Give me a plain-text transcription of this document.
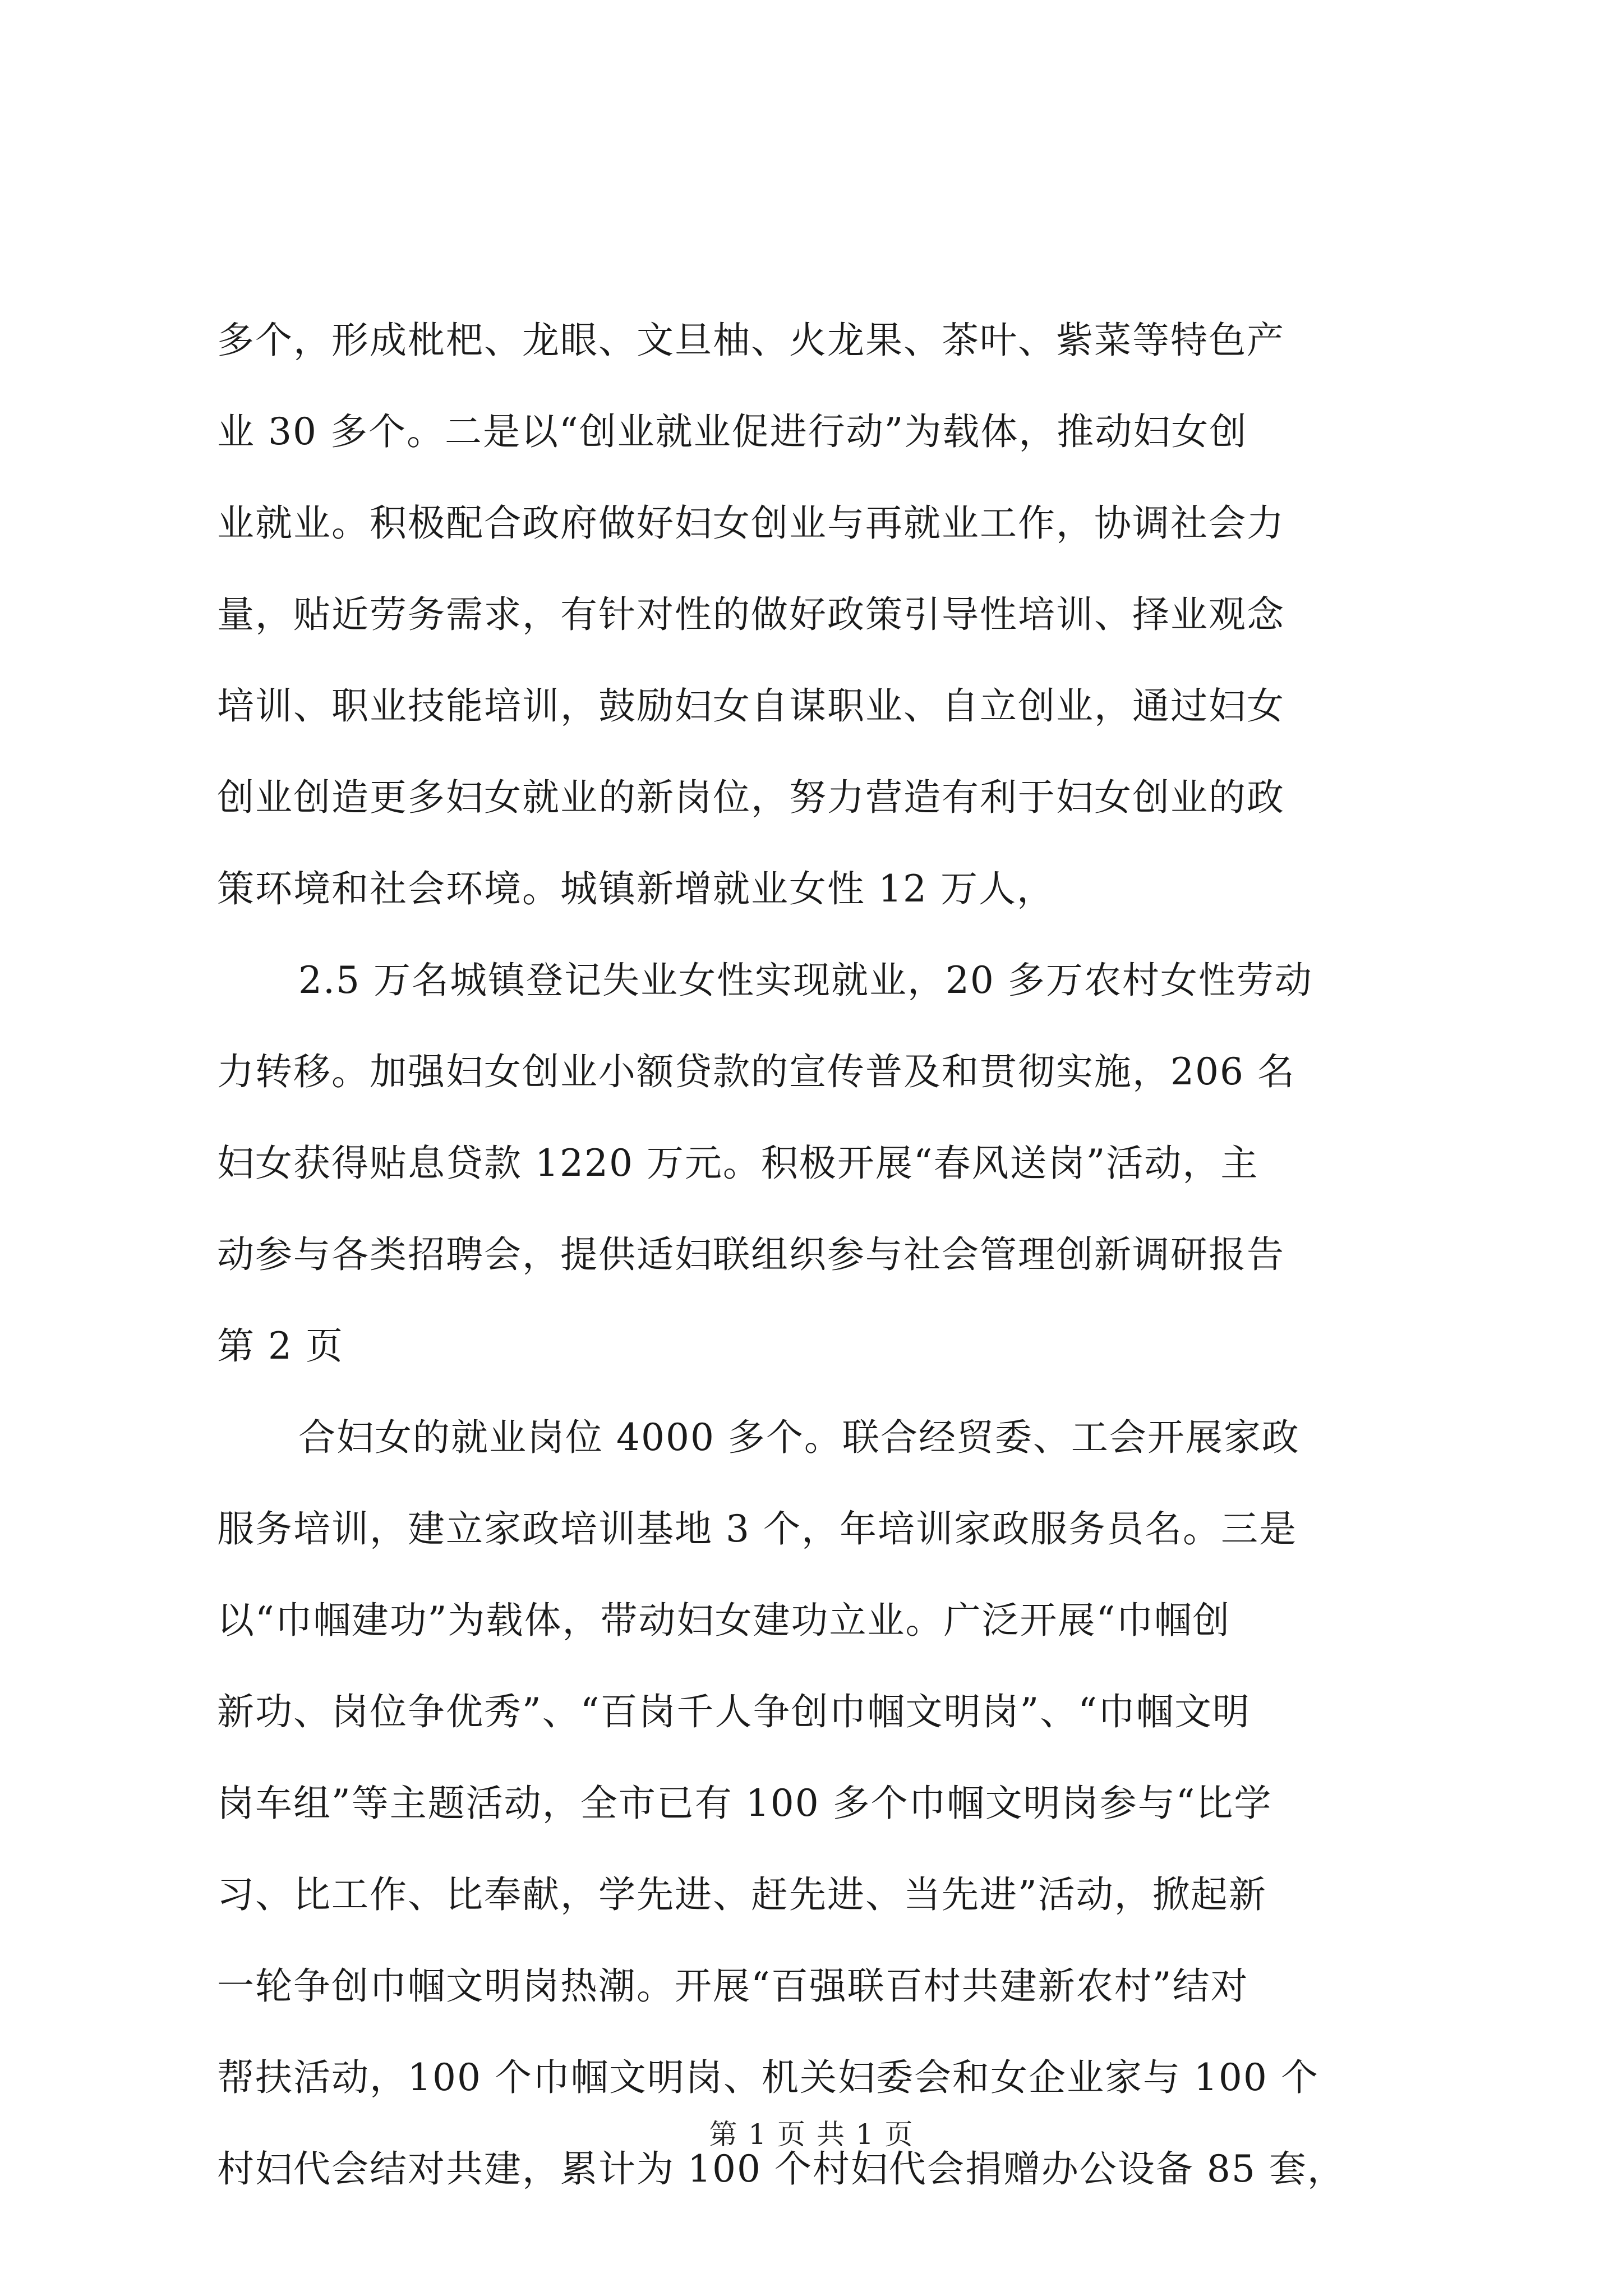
多个，形成枇杷、龙眼、文旦柚、火龙果、茶叶、紫菜等特色产
业 30 多个。二是以“创业就业促进行动”为载体，推动妇女创
业就业。积极配合政府做好妇女创业与再就业工作，协调社会力
量，贴近劳务需求，有针对性的做好政策引导性培训、择业观念
培训、职业技能培训，鼓励妇女自谋职业、自立创业，通过妇女
创业创造更多妇女就业的新岗位，努力营造有利于妇女创业的政
策环境和社会环境。城镇新增就业女性 12 万人，
2.5 万名城镇登记失业女性实现就业，20 多万农村女性劳动
力转移。加强妇女创业小额贷款的宣传普及和贯彻实施，206 名
妇女获得贴息贷款 1220 万元。积极开展“春风送岗”活动，主
动参与各类招聘会，提供适妇联组织参与社会管理创新调研报告
第 2 页
合妇女的就业岗位 4000 多个。联合经贸委、工会开展家政
服务培训，建立家政培训基地 3 个，年培训家政服务员名。三是
以“巾帼建功”为载体，带动妇女建功立业。广泛开展“巾帼创
新功、岗位争优秀”、“百岗千人争创巾帼文明岗”、“巾帼文明
岗车组”等主题活动，全市已有 100 多个巾帼文明岗参与“比学
习、比工作、比奉献，学先进、赶先进、当先进”活动，掀起新
一轮争创巾帼文明岗热潮。开展“百强联百村共建新农村”结对
帮扶活动，100 个巾帼文明岗、机关妇委会和女企业家与 100 个
村妇代会结对共建，累计为 100 个村妇代会捐赠办公设备 85 套，
第 1 页 共 1 页
